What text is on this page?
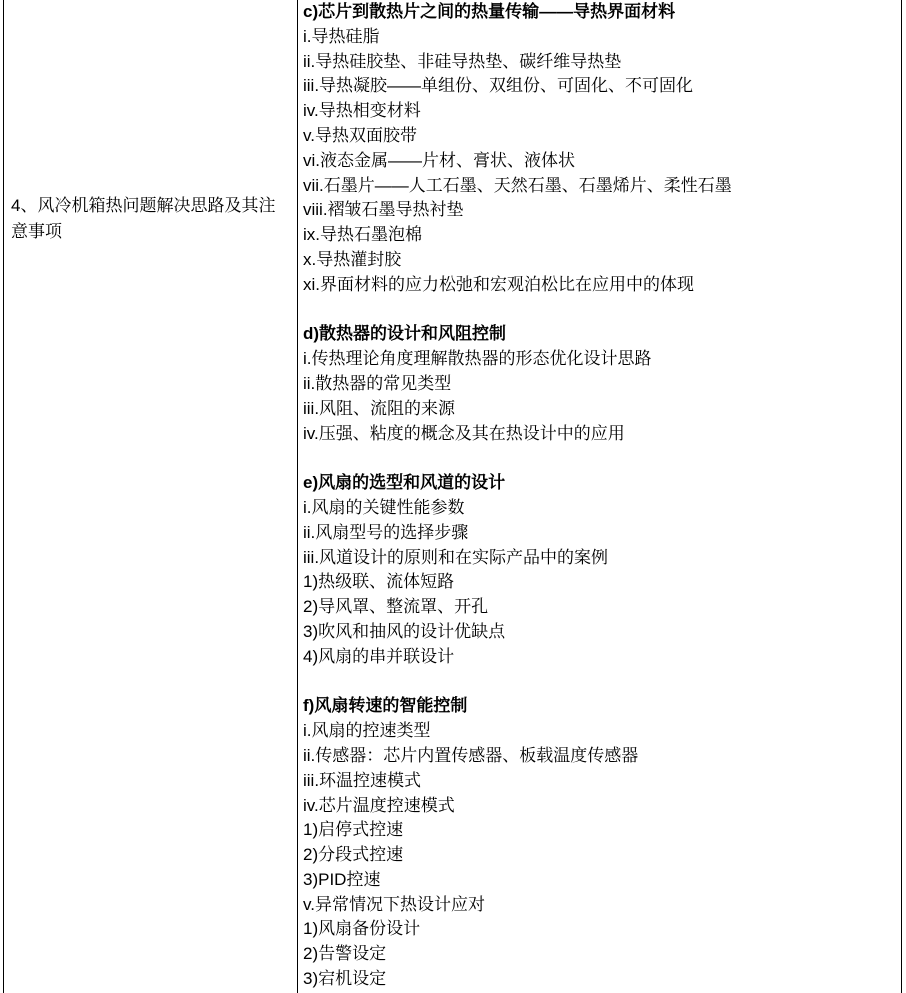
4、风冷机箱热问题解决思路及其注意事项
c)芯片到散热片之间的热量传输——导热界面材料
i.导热硅脂
ii.导热硅胶垫、非硅导热垫、碳纤维导热垫
iii.导热凝胶——单组份、双组份、可固化、不可固化
iv.导热相变材料
v.导热双面胶带
vi.液态金属——片材、膏状、液体状
vii.石墨片——人工石墨、天然石墨、石墨烯片、柔性石墨
viii.褶皱石墨导热衬垫
ix.导热石墨泡棉
x.导热灌封胶
xi.界面材料的应力松弛和宏观泊松比在应用中的体现
d)散热器的设计和风阻控制
i.传热理论角度理解散热器的形态优化设计思路
ii.散热器的常见类型
iii.风阻、流阻的来源
iv.压强、粘度的概念及其在热设计中的应用
e)风扇的选型和风道的设计
i.风扇的关键性能参数
ii.风扇型号的选择步骤
iii.风道设计的原则和在实际产品中的案例
1)热级联、流体短路
2)导风罩、整流罩、开孔
3)吹风和抽风的设计优缺点
4)风扇的串并联设计
f)风扇转速的智能控制
i.风扇的控速类型
ii.传感器：芯片内置传感器、板载温度传感器
iii.环温控速模式
iv.芯片温度控速模式
1)启停式控速
2)分段式控速
3)PID控速
v.异常情况下热设计应对
1)风扇备份设计
2)告警设定
3)宕机设定
